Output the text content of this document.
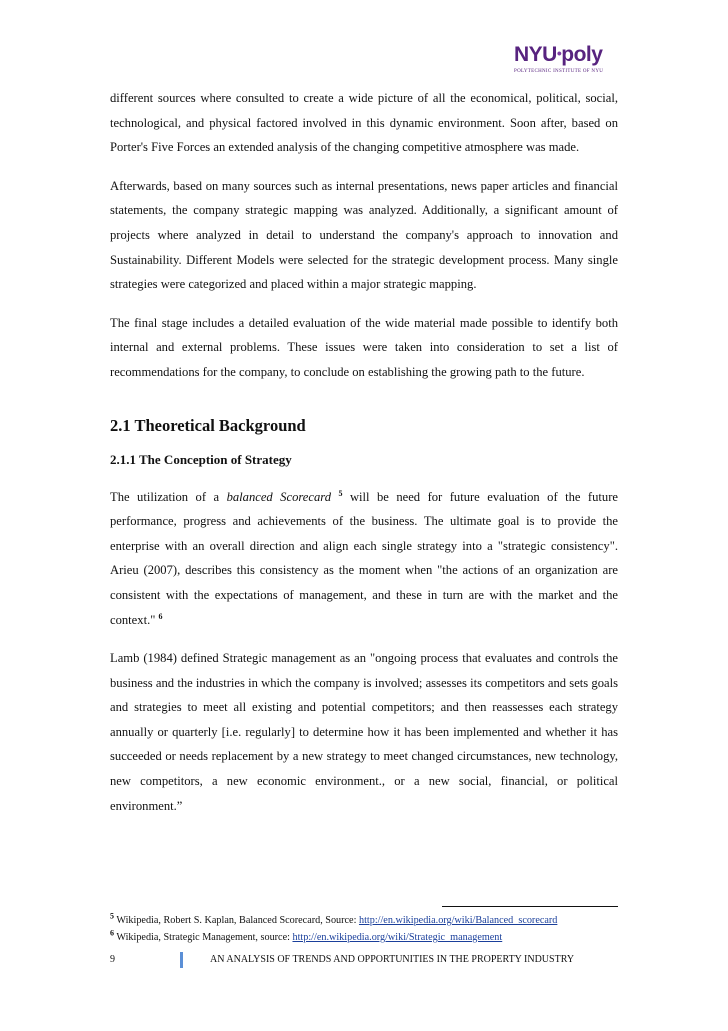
NYU•poly
POLYTECHNIC INSTITUTE OF NYU

different sources where consulted to create a wide picture of all the economical, political, social, technological, and physical factored involved in this dynamic environment. Soon after, based on Porter's Five Forces an extended analysis of the changing competitive atmosphere was made.

Afterwards, based on many sources such as internal presentations, news paper articles and financial statements, the company strategic mapping was analyzed. Additionally, a significant amount of projects where analyzed in detail to understand the company's approach to innovation and Sustainability. Different Models were selected for the strategic development process. Many single strategies were categorized and placed within a major strategic mapping.

The final stage includes a detailed evaluation of the wide material made possible to identify both internal and external problems. These issues were taken into consideration to set a list of recommendations for the company, to conclude on establishing the growing path to the future.

2.1 Theoretical Background
2.1.1 The Conception of Strategy

The utilization of a balanced Scorecard $^5$ will be need for future evaluation of the future performance, progress and achievements of the business. The ultimate goal is to provide the enterprise with an overall direction and align each single strategy into a "strategic consistency". Arieu (2007), describes this consistency as the moment when "the actions of an organization are consistent with the expectations of management, and these in turn are with the market and the context." $^6$

Lamb (1984) defined Strategic management as an "ongoing process that evaluates and controls the business and the industries in which the company is involved; assesses its competitors and sets goals and strategies to meet all existing and potential competitors; and then reassesses each strategy annually or quarterly [i.e. regularly] to determine how it has been implemented and whether it has succeeded or needs replacement by a new strategy to meet changed circumstances, new technology, new competitors, a new economic environment., or a new social, financial, or political environment.”

$^5$ Wikipedia, Robert S. Kaplan, Balanced Scorecard, Source: http://en.wikipedia.org/wiki/Balanced_scorecard
$^6$ Wikipedia, Strategic Management, source: http://en.wikipedia.org/wiki/Strategic_management
9	AN ANALYSIS OF TRENDS AND OPPORTUNITIES IN THE PROPERTY INDUSTRY
